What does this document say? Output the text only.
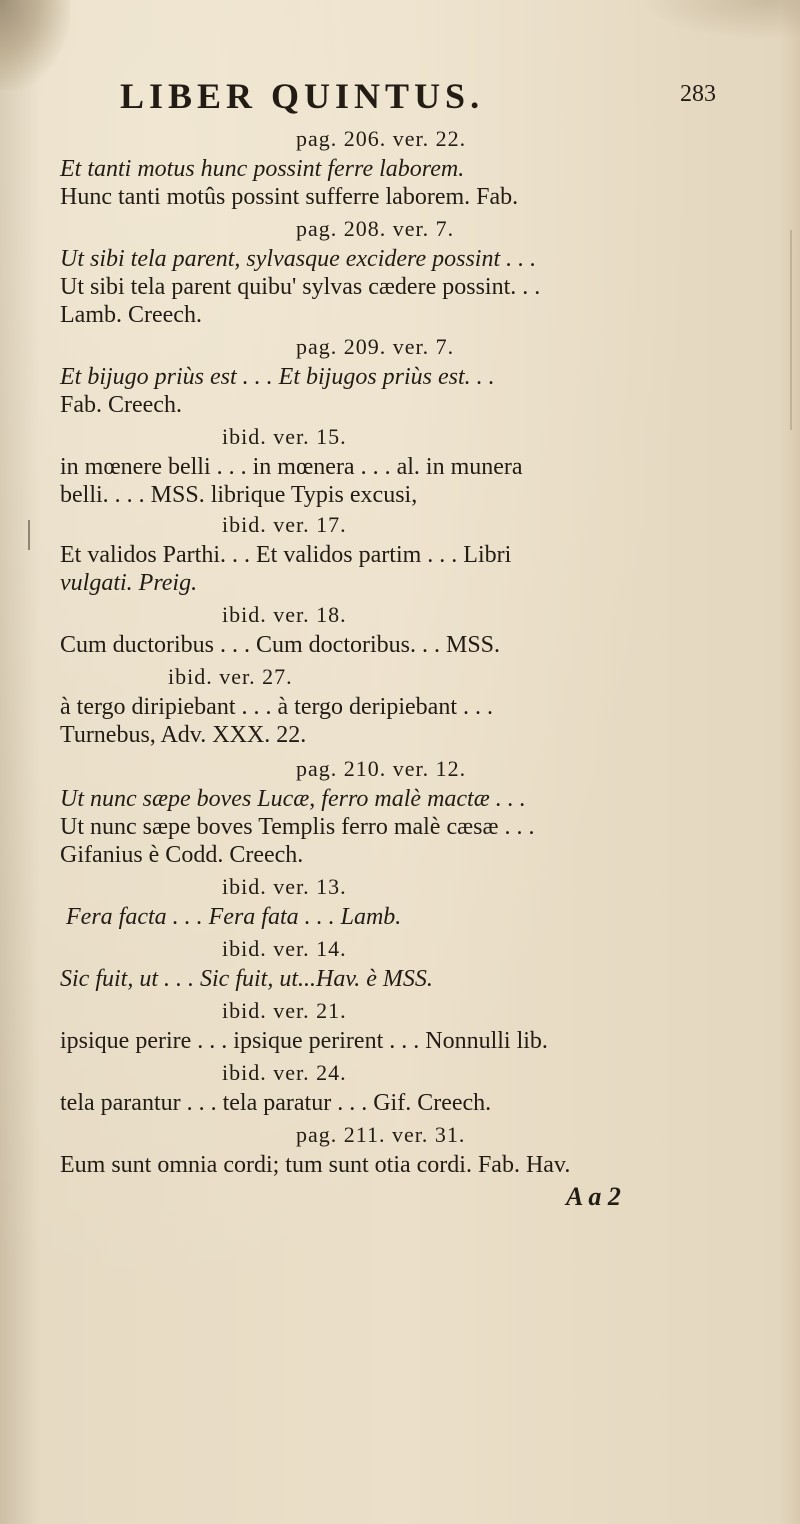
LIBER QUINTUS.	283
pag. 206. ver. 22.
Et tanti motus hunc possint ferre laborem.
Hunc tanti motûs possint sufferre laborem. Fab.
pag. 208. ver. 7.
Ut sibi tela parent, sylvasque excidere possint . . .
Ut sibi tela parent quibu' sylvas cædere possint. . .
Lamb. Creech.
pag. 209. ver. 7.
Et bijugo priùs est . . . Et bijugos priùs est. . .
Fab. Creech.
ibid. ver. 15.
in mœnere belli . . . in mœnera . . . al. in munera
belli. . . . MSS. librique Typis excusi,
ibid. ver. 17.
Et validos Parthi. . . Et validos partim . . . Libri
vulgati. Preig.
ibid. ver. 18.
Cum ductoribus . . . Cum doctoribus. . . MSS.
ibid. ver. 27.
à tergo diripiebant . . . à tergo deripiebant . . .
Turnebus, Adv. XXX. 22.
pag. 210. ver. 12.
Ut nunc sæpe boves Lucæ, ferro malè mactæ . . .
Ut nunc sæpe boves Templis ferro malè cæsæ . . .
Gifanius è Codd. Creech.
ibid. ver. 13.
Fera facta . . . Fera fata . . . Lamb.
ibid. ver. 14.
Sic fuit, ut . . . Sic fuit, ut...Hav. è MSS.
ibid. ver. 21.
ipsique perire . . . ipsique perirent . . . Nonnulli lib.
ibid. ver. 24.
tela parantur . . . tela paratur . . . Gif. Creech.
pag. 211. ver. 31.
Eum sunt omnia cordi; tum sunt otia cordi. Fab. Hav.
A a 2
